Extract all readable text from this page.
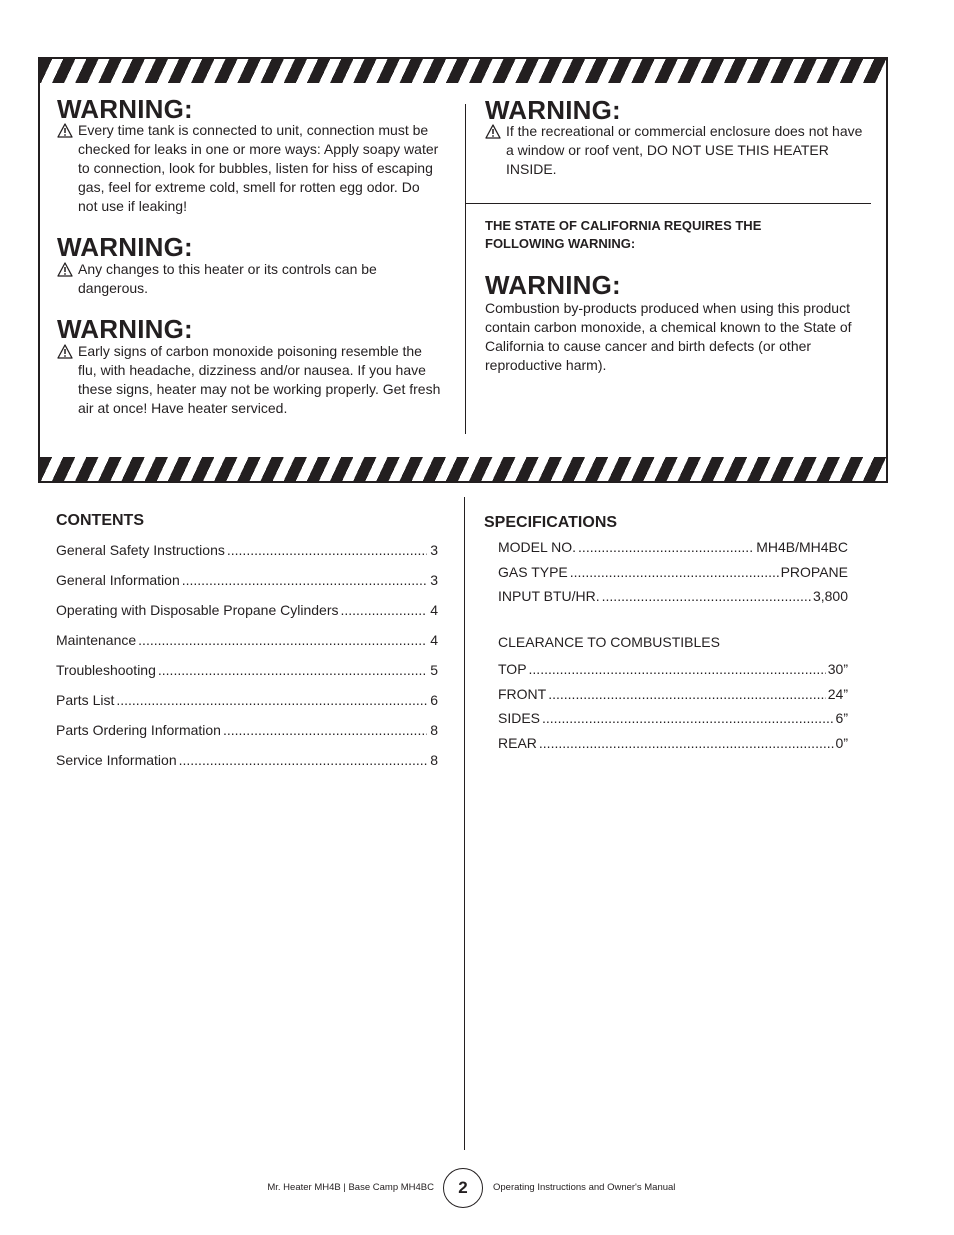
WARNING:

Every time tank is connected to unit, connection must be checked for leaks in one or more ways: Apply soapy water to connection, look for bubbles, listen for hiss of escaping gas, feel for extreme cold, smell for rotten egg odor. Do not use if leaking!

WARNING:

Any changes to this heater or its controls can be dangerous.

WARNING:

Early signs of carbon monoxide poisoning resemble the flu, with headache, dizziness and/or nausea. If you have these signs, heater may not be working properly. Get fresh air at once! Have heater serviced.

WARNING:

If the recreational or commercial enclosure does not have a window or roof vent, DO NOT USE THIS HEATER INSIDE.

THE STATE OF CALIFORNIA REQUIRES THE FOLLOWING WARNING:

WARNING:

Combustion by-products produced when using this product contain carbon monoxide, a chemical known to the State of California to cause cancer and birth defects (or other reproductive harm).

CONTENTS
General Safety Instructions .....	3
General Information .....	3
Operating with Disposable Propane Cylinders .....	4
Maintenance .....	4
Troubleshooting .....	5
Parts List .....	6
Parts Ordering Information .....	8
Service Information .....	8
SPECIFICATIONS
MODEL NO. .....	MH4B/MH4BC
GAS TYPE .....	PROPANE
INPUT BTU/HR. .....	3,800

CLEARANCE TO COMBUSTIBLES

TOP .....	30”
FRONT .....	24”
SIDES .....	6”
REAR .....	0”
Mr. Heater MH4B | Base Camp MH4BC	2	Operating Instructions and Owner's Manual
